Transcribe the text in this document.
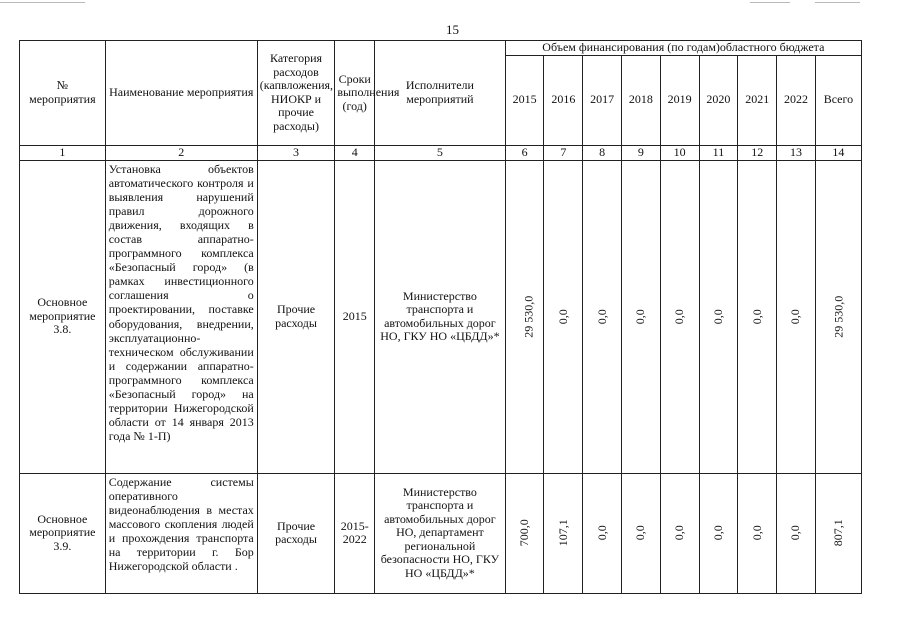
15
№ мероприятия	Наименование мероприятия	Категория расходов (капвложения, НИОКР и прочие расходы)	Сроки выполнения (год)	Исполнители мероприятий	Объем финансирования (по годам)областного бюджета								
					2015	2016	2017	2018	2019	2020	2021	2022	Всего
1	2	3	4	5	6	7	8	9	10	11	12	13	14
Основное мероприятие 3.8.	Установка объектов автоматического контроля и выявления нарушений правил дорожного движения, входящих в состав аппаратно-программного комплекса «Безопасный город» (в рамках инвестиционного соглашения о проектировании, поставке оборудования, внедрении, эксплуатационно-техническом обслуживании и содержании аппаратно-программного комплекса «Безопасный город» на территории Нижегородской области от 14 января 2013 года № 1-П)	Прочие расходы	2015	Министерство транспорта и автомобильных дорог НО, ГКУ НО «ЦБДД»*	29 530,0	0,0	0,0	0,0	0,0	0,0	0,0	0,0	29 530,0
Основное мероприятие 3.9.	Содержание системы оперативного видеонаблюдения в местах массового скопления людей и прохождения транспорта на территории г. Бор Нижегородской области .	Прочие расходы	2015-2022	Министерство транспорта и автомобильных дорог НО, департамент региональной безопасности НО, ГКУ НО «ЦБДД»*	700,0	107,1	0,0	0,0	0,0	0,0	0,0	0,0	807,1
